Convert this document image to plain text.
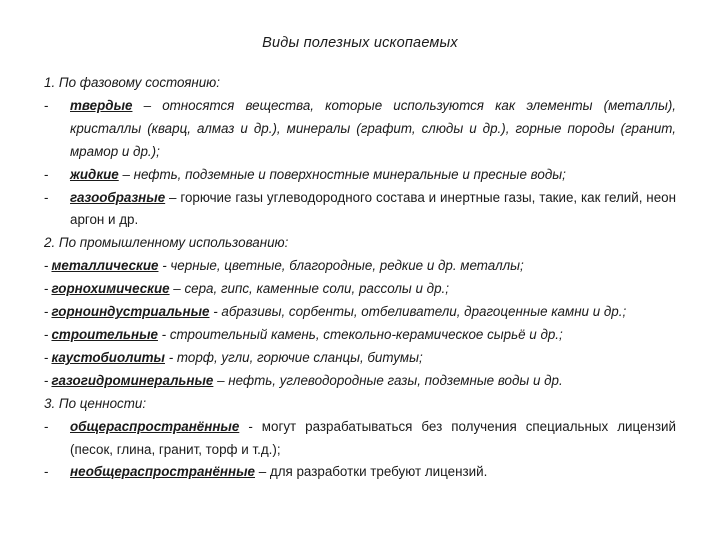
Виды полезных ископаемых
1. По фазовому состоянию:
- твердые – относятся вещества, которые используются как элементы (металлы), кристаллы (кварц, алмаз и др.), минералы (графит, слюды и др.), горные породы (гранит, мрамор и др.);
- жидкие – нефть, подземные и поверхностные минеральные и пресные воды;
- газообразные – горючие газы углеводородного состава и инертные газы, такие, как гелий, неон аргон и др.
2. По промышленному использованию:
- металлические - черные, цветные, благородные, редкие и др. металлы;
- горнохимические – сера, гипс, каменные соли, рассолы и др.;
- горноиндустриальные - абразивы, сорбенты, отбеливатели, драгоценные камни и др.;
- строительные - строительный камень, стекольно-керамическое сырьё и др.;
- каустобиолиты - торф, угли, горючие сланцы, битумы;
- газогидроминеральные – нефть, углеводородные газы, подземные воды и др.
3. По ценности:
- общераспространённые - могут разрабатываться без получения специальных лицензий (песок, глина, гранит, торф и т.д.);
- необщераспространённые – для разработки требуют лицензий.
